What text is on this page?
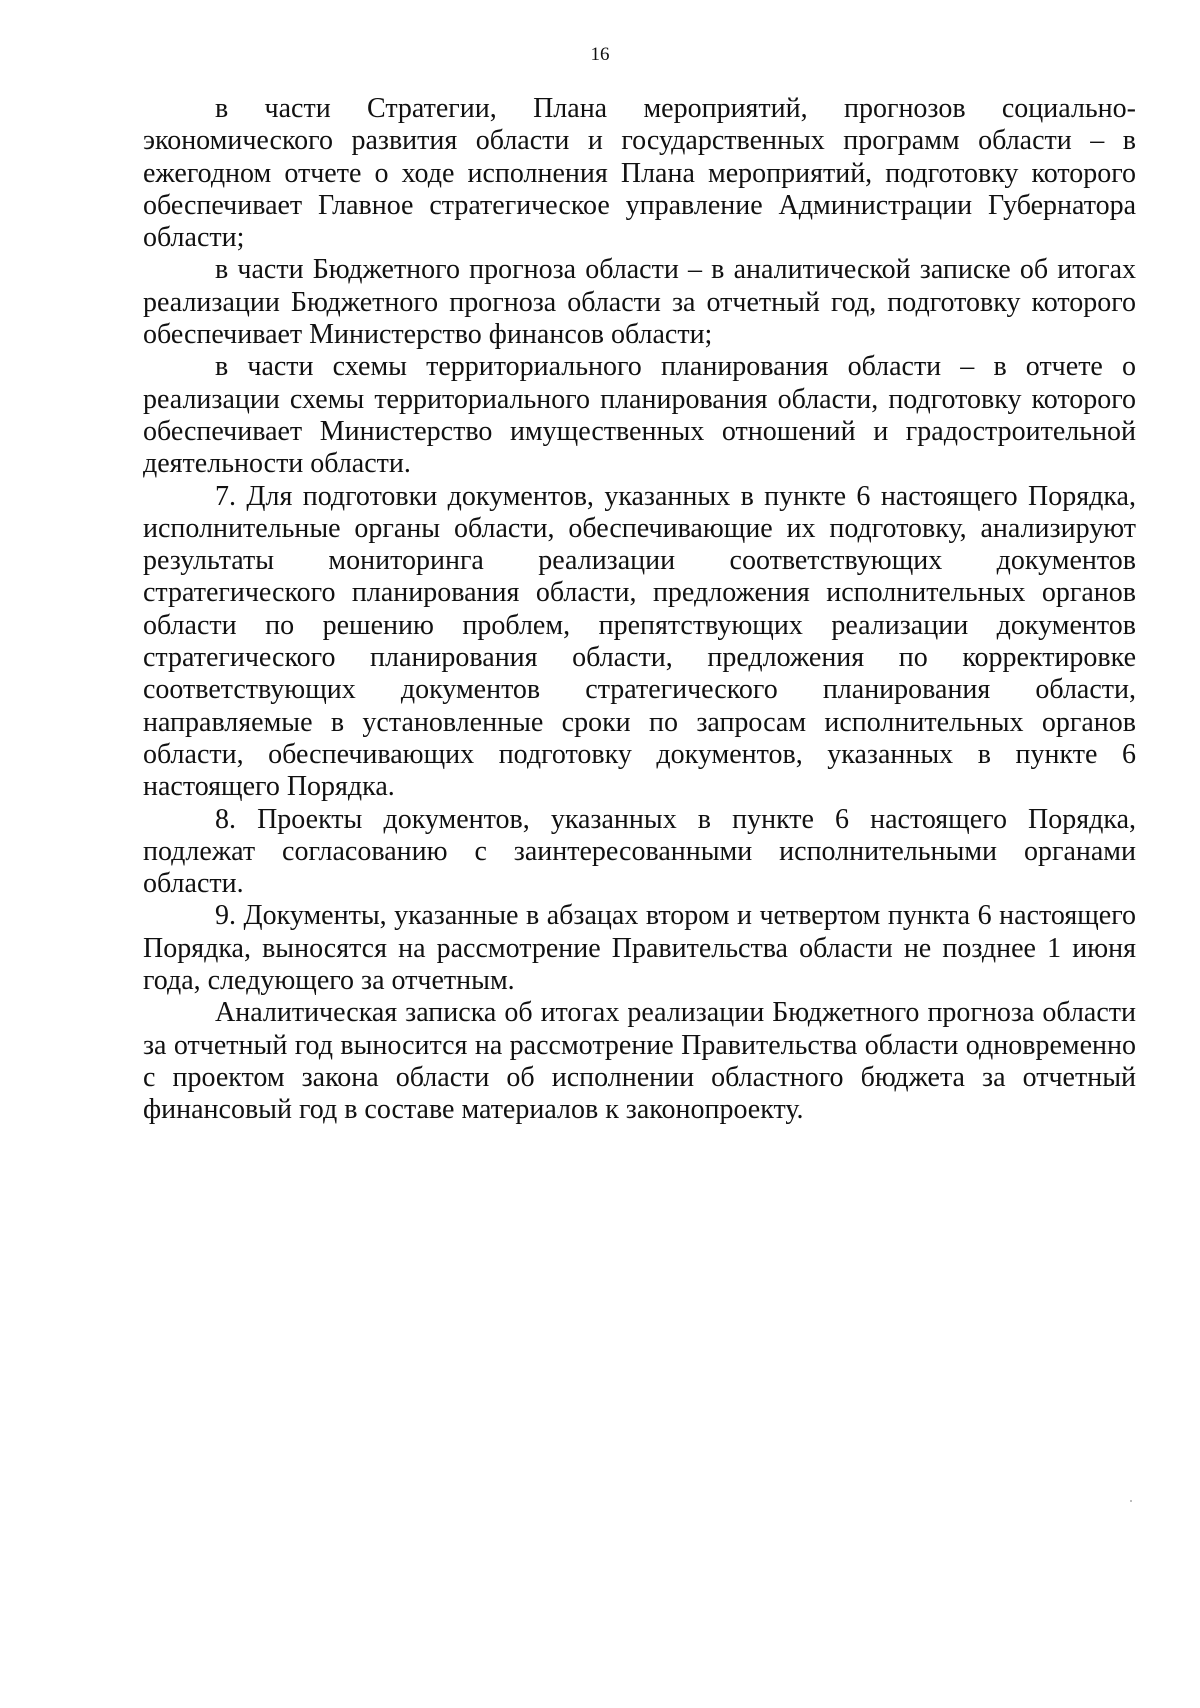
16

в части Стратегии, Плана мероприятий, прогнозов социально-экономического развития области и государственных программ области – в ежегодном отчете о ходе исполнения Плана мероприятий, подготовку которого обеспечивает Главное стратегическое управление Администрации Губернатора области;

в части Бюджетного прогноза области – в аналитической записке об итогах реализации Бюджетного прогноза области за отчетный год, подготовку которого обеспечивает Министерство финансов области;

в части схемы территориального планирования области – в отчете о реализации схемы территориального планирования области, подготовку которого обеспечивает Министерство имущественных отношений и градостроительной деятельности области.

7. Для подготовки документов, указанных в пункте 6 настоящего Порядка, исполнительные органы области, обеспечивающие их подготовку, анализируют результаты мониторинга реализации соответствующих документов стратегического планирования области, предложения исполнительных органов области по решению проблем, препятствующих реализации документов стратегического планирования области, предложения по корректировке соответствующих документов стратегического планирования области, направляемые в установленные сроки по запросам исполнительных органов области, обеспечивающих подготовку документов, указанных в пункте 6 настоящего Порядка.

8. Проекты документов, указанных в пункте 6 настоящего Порядка, подлежат согласованию с заинтересованными исполнительными органами области.

9. Документы, указанные в абзацах втором и четвертом пункта 6 настоящего Порядка, выносятся на рассмотрение Правительства области не позднее 1 июня года, следующего за отчетным.

Аналитическая записка об итогах реализации Бюджетного прогноза области за отчетный год выносится на рассмотрение Правительства области одновременно с проектом закона области об исполнении областного бюджета за отчетный финансовый год в составе материалов к законопроекту.
